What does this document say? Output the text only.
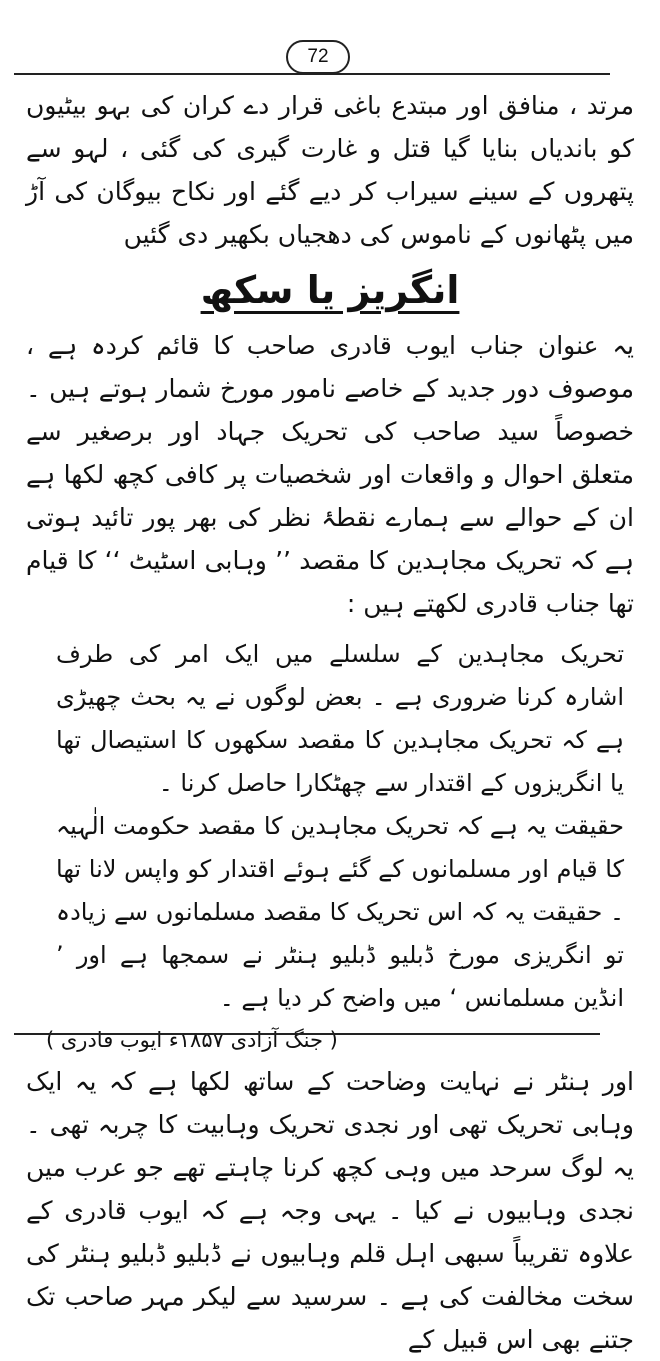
72

مرتد ، منافق اور مبتدع باغی قرار دے کران کی بہو بیٹیوں کو باندیاں بنایا گیا قتل و غارت گیری کی گئی ، لہو سے پتھروں کے سینے سیراب کر دیے گئے اور نکاح بیوگان کی آڑ میں پٹھانوں کے ناموس کی دھجیاں بکھیر دی گئیں

انگریز یا سکھ

یہ عنوان جناب ایوب قادری صاحب کا قائم کردہ ہے ، موصوف دور جدید کے خاصے نامور مورخ شمار ہوتے ہیں ۔ خصوصاً سید صاحب کی تحریک جہاد اور برصغیر سے متعلق احوال و واقعات اور شخصیات پر کافی کچھ لکھا ہے ان کے حوالے سے ہمارے نقطۂ نظر کی بھر پور تائید ہوتی ہے کہ تحریک مجاہدین کا مقصد ’’ وہابی اسٹیٹ ‘‘ کا قیام تھا جناب قادری لکھتے ہیں :

تحریک مجاہدین کے سلسلے میں ایک امر کی طرف اشارہ کرنا ضروری ہے ۔ بعض لوگوں نے یہ بحث چھیڑی ہے کہ تحریک مجاہدین کا مقصد سکھوں کا استیصال تھا یا انگریزوں کے اقتدار سے چھٹکارا حاصل کرنا ۔

حقیقت یہ ہے کہ تحریک مجاہدین کا مقصد حکومت الٰہیہ کا قیام اور مسلمانوں کے گئے ہوئے اقتدار کو واپس لانا تھا ۔ حقیقت یہ کہ اس تحریک کا مقصد مسلمانوں سے زیادہ تو انگریزی مورخ ڈبلیو ڈبلیو ہنٹر نے سمجھا ہے اور ’ انڈین مسلمانس ‘ میں واضح کر دیا ہے ۔

( جنگ آزادی ۱۸۵۷ء ایوب قادری )

اور ہنٹر نے نہایت وضاحت کے ساتھ لکھا ہے کہ یہ ایک وہابی تحریک تھی اور نجدی تحریک وہابیت کا چربہ تھی ۔ یہ لوگ سرحد میں وہی کچھ کرنا چاہتے تھے جو عرب میں نجدی وہابیوں نے کیا ۔ یہی وجہ ہے کہ ایوب قادری کے علاوہ تقریباً سبھی اہل قلم وہابیوں نے ڈبلیو ڈبلیو ہنٹر کی سخت مخالفت کی ہے ۔ سرسید سے لیکر مہر صاحب تک جتنے بھی اس قبیل کے
